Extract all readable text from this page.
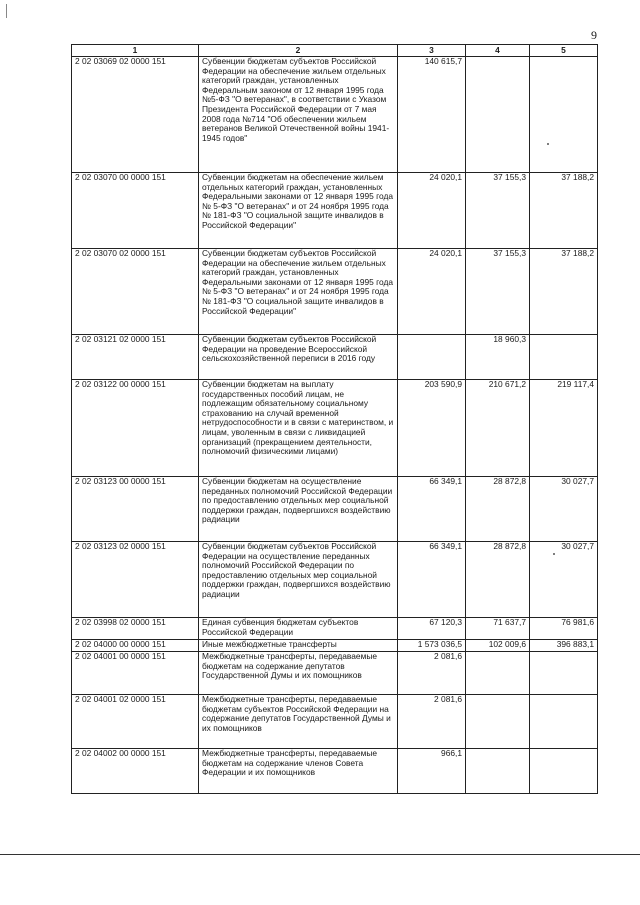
9
1	2	3	4	5
2 02 03069 02 0000 151	Субвенции бюджетам субъектов Российской Федерации на обеспечение жильем отдельных категорий граждан, установленных Федеральным законом от 12 января 1995 года №5-ФЗ "О ветеранах", в соответствии с Указом Президента Российской Федерации от 7 мая 2008 года №714 "Об обеспечении жильем ветеранов Великой Отечественной войны 1941-1945 годов"	140 615,7		
2 02 03070 00 0000 151	Субвенции бюджетам на обеспечение жильем отдельных категорий граждан, установленных Федеральными законами от 12 января 1995 года № 5-ФЗ "О ветеранах" и от 24 ноября 1995 года № 181-ФЗ "О социальной защите инвалидов в Российской Федерации"	24 020,1	37 155,3	37 188,2
2 02 03070 02 0000 151	Субвенции бюджетам субъектов Российской Федерации на обеспечение жильем отдельных категорий граждан, установленных Федеральными законами от 12 января 1995 года № 5-ФЗ "О ветеранах" и от 24 ноября 1995 года № 181-ФЗ "О социальной защите инвалидов в Российской Федерации"	24 020,1	37 155,3	37 188,2
2 02 03121 02 0000 151	Субвенции бюджетам субъектов Российской Федерации на проведение Всероссийской сельскохозяйственной переписи в 2016 году		18 960,3	
2 02 03122 00 0000 151	Субвенции бюджетам на выплату государственных пособий лицам, не подлежащим обязательному социальному страхованию на случай временной нетрудоспособности и в связи с материнством, и лицам, уволенным в связи с ликвидацией организаций (прекращением деятельности, полномочий физическими лицами)	203 590,9	210 671,2	219 117,4
2 02 03123 00 0000 151	Субвенции бюджетам на осуществление переданных полномочий Российской Федерации по предоставлению отдельных мер социальной поддержки граждан, подвергшихся воздействию радиации	66 349,1	28 872,8	30 027,7
2 02 03123 02 0000 151	Субвенции бюджетам субъектов Российской Федерации на осуществление переданных полномочий Российской Федерации по предоставлению отдельных мер социальной поддержки граждан, подвергшихся воздействию радиации	66 349,1	28 872,8	30 027,7
2 02 03998 02 0000 151	Единая субвенция бюджетам субъектов Российской Федерации	67 120,3	71 637,7	76 981,6
2 02 04000 00 0000 151	Иные межбюджетные трансферты	1 573 036,5	102 009,6	396 883,1
2 02 04001 00 0000 151	Межбюджетные трансферты, передаваемые бюджетам на содержание депутатов Государственной Думы и их помощников	2 081,6		
2 02 04001 02 0000 151	Межбюджетные трансферты, передаваемые бюджетам субъектов Российской Федерации на содержание депутатов Государственной Думы и их помощников	2 081,6		
2 02 04002 00 0000 151	Межбюджетные трансферты, передаваемые бюджетам на содержание членов Совета Федерации и их помощников	966,1		
